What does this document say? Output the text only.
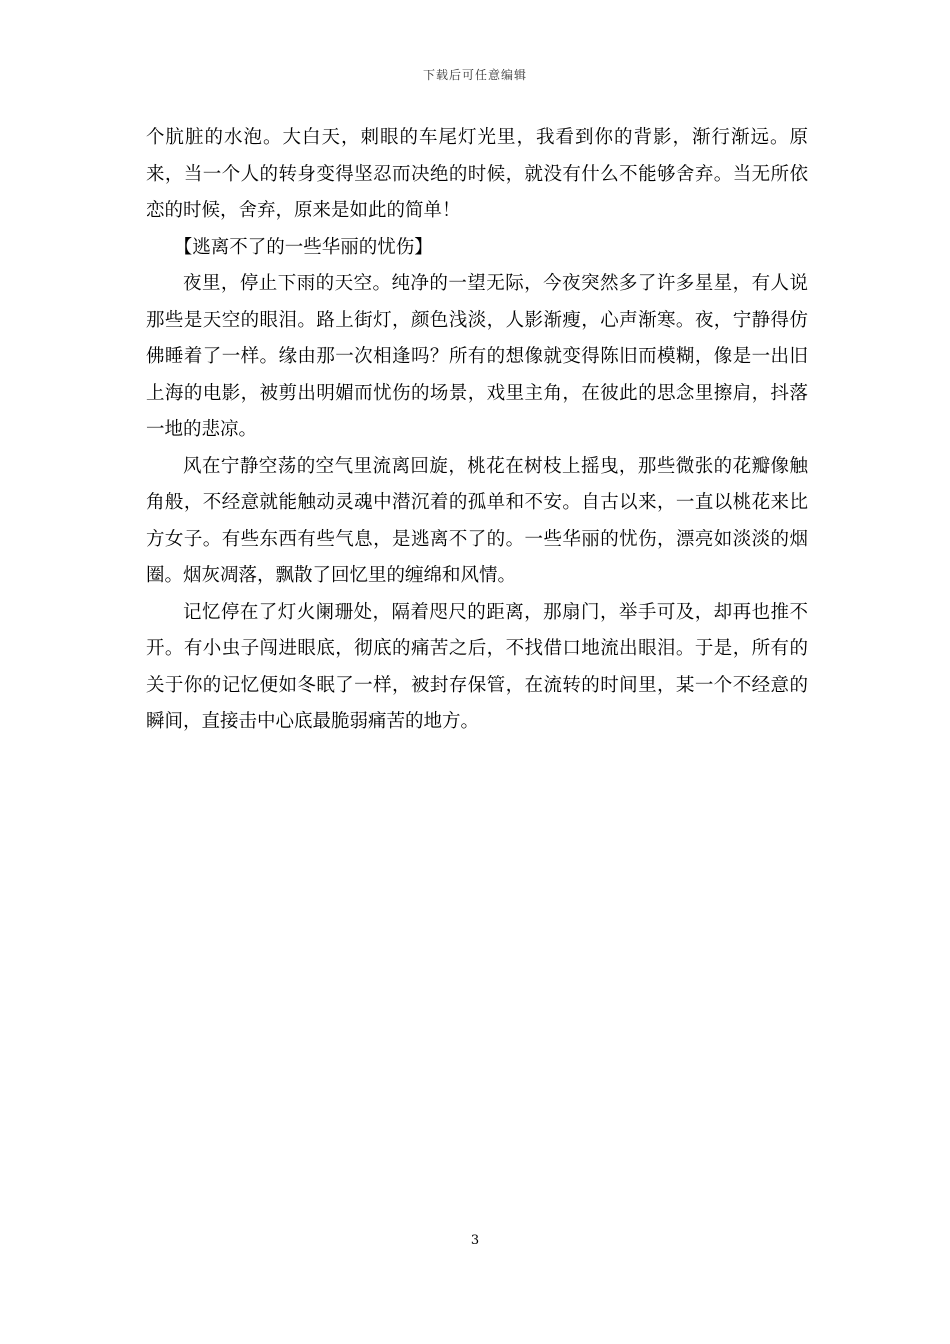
下载后可任意编辑

个肮脏的水泡。大白天，刺眼的车尾灯光里，我看到你的背影，渐行渐远。原来，当一个人的转身变得坚忍而决绝的时候，就没有什么不能够舍弃。当无所依恋的时候，舍弃，原来是如此的简单！

【逃离不了的一些华丽的忧伤】

夜里，停止下雨的天空。纯净的一望无际，今夜突然多了许多星星，有人说那些是天空的眼泪。路上街灯，颜色浅淡，人影渐瘦，心声渐寒。夜，宁静得仿佛睡着了一样。缘由那一次相逢吗？所有的想像就变得陈旧而模糊，像是一出旧上海的电影，被剪出明媚而忧伤的场景，戏里主角，在彼此的思念里擦肩，抖落一地的悲凉。

风在宁静空荡的空气里流离回旋，桃花在树枝上摇曳，那些微张的花瓣像触角般，不经意就能触动灵魂中潜沉着的孤单和不安。自古以来，一直以桃花来比方女子。有些东西有些气息，是逃离不了的。一些华丽的忧伤，漂亮如淡淡的烟圈。烟灰凋落，飘散了回忆里的缠绵和风情。

记忆停在了灯火阑珊处，隔着咫尺的距离，那扇门，举手可及，却再也推不开。有小虫子闯进眼底，彻底的痛苦之后，不找借口地流出眼泪。于是，所有的关于你的记忆便如冬眠了一样，被封存保管，在流转的时间里，某一个不经意的瞬间，直接击中心底最脆弱痛苦的地方。

3
